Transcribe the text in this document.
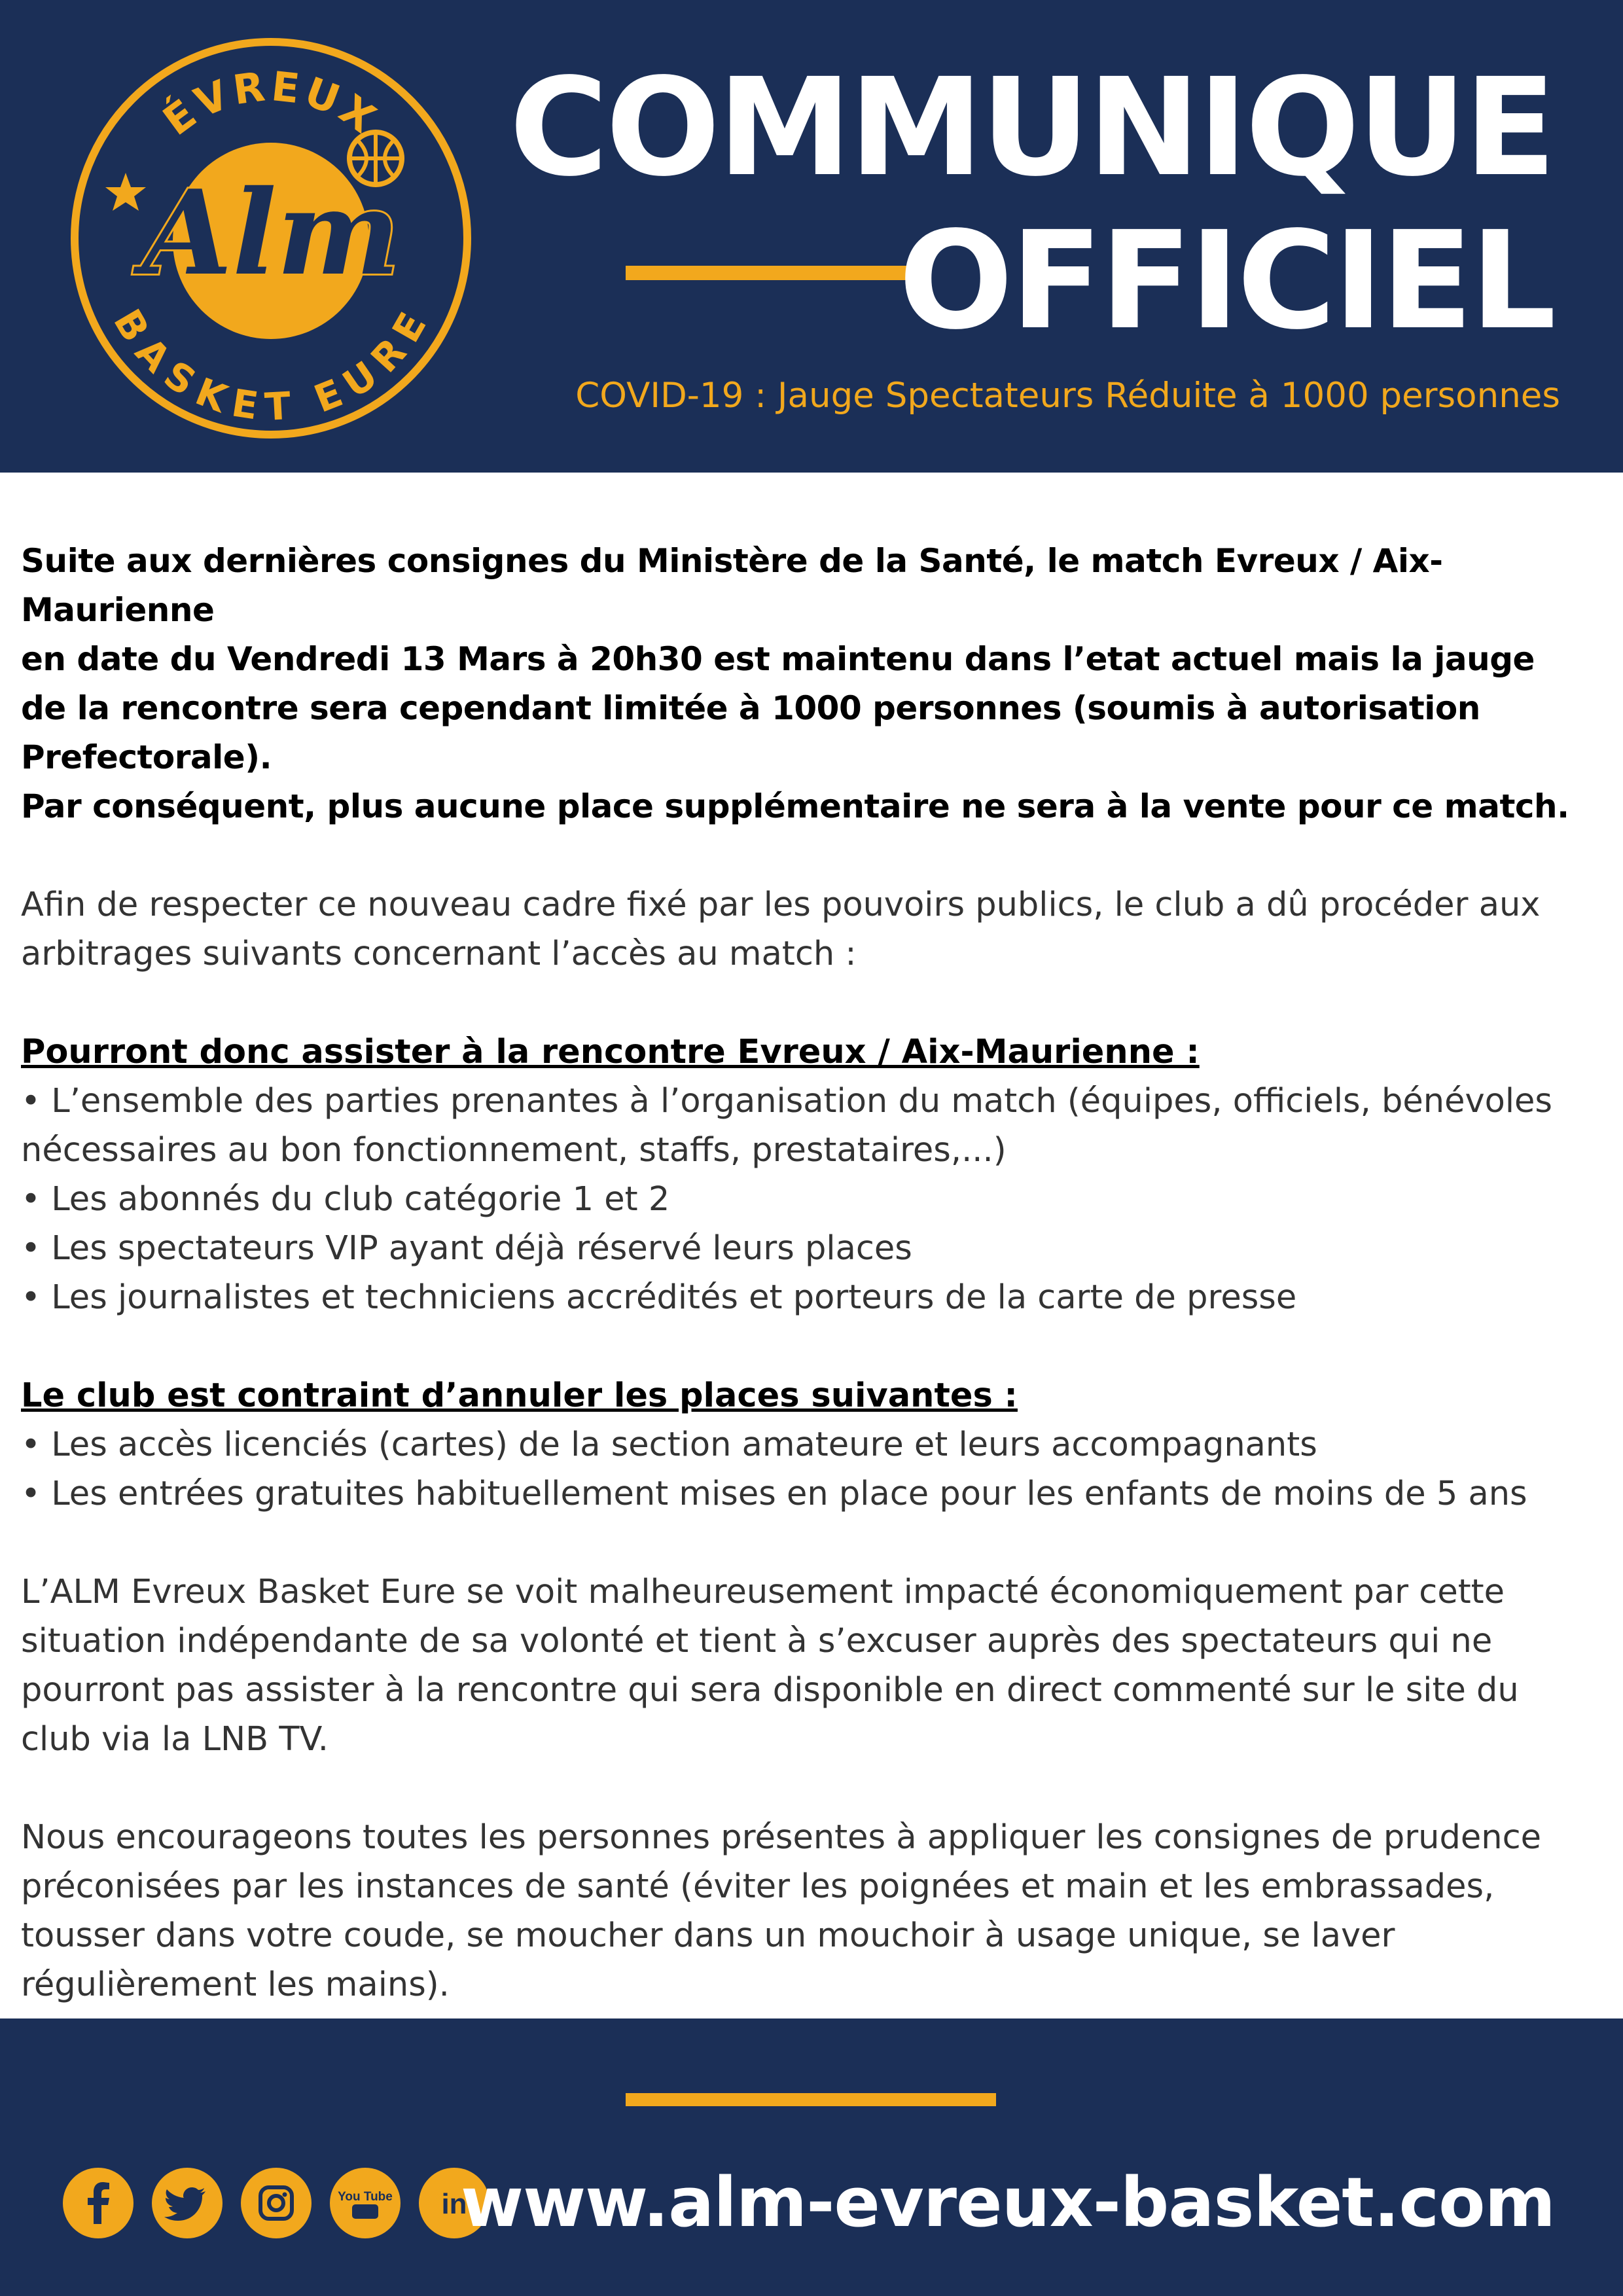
ÉVREUX
BASKET EURE
Alm
COMMUNIQUE
OFFICIEL
COVID-19 : Jauge Spectateurs Réduite à 1000 personnes

Suite aux dernières consignes du Ministère de la Santé, le match Evreux / Aix-Maurienne

en date du Vendredi 13 Mars à 20h30 est maintenu dans l’etat actuel mais la jauge

de la rencontre sera cependant limitée à 1000 personnes (soumis à autorisation

Prefectorale).

Par conséquent, plus aucune place supplémentaire ne sera à la vente pour ce match.

Afin de respecter ce nouveau cadre fixé par les pouvoirs publics, le club a dû procéder aux

arbitrages suivants concernant l’accès au match :

Pourront donc assister à la rencontre Evreux / Aix-Maurienne :

• L’ensemble des parties prenantes à l’organisation du match (équipes, officiels, bénévoles

nécessaires au bon fonctionnement, staffs, prestataires,...)

• Les abonnés du club catégorie 1 et 2

• Les spectateurs VIP ayant déjà réservé leurs places

• Les journalistes et techniciens accrédités et porteurs de la carte de presse

Le club est contraint d’annuler les places suivantes :

• Les accès licenciés (cartes) de la section amateure et leurs accompagnants

• Les entrées gratuites habituellement mises en place pour les enfants de moins de 5 ans

L’ALM Evreux Basket Eure se voit malheureusement impacté économiquement par cette

situation indépendante de sa volonté et tient à s’excuser auprès des spectateurs qui ne

pourront pas assister à la rencontre qui sera disponible en direct commenté sur le site du

club via la LNB TV.

Nous encourageons toutes les personnes présentes à appliquer les consignes de prudence

préconisées par les instances de santé (éviter les poignées et main et les embrassades,

tousser dans votre coude, se moucher dans un mouchoir à usage unique, se laver

régulièrement les mains).

You Tube in
www.alm-evreux-basket.com
